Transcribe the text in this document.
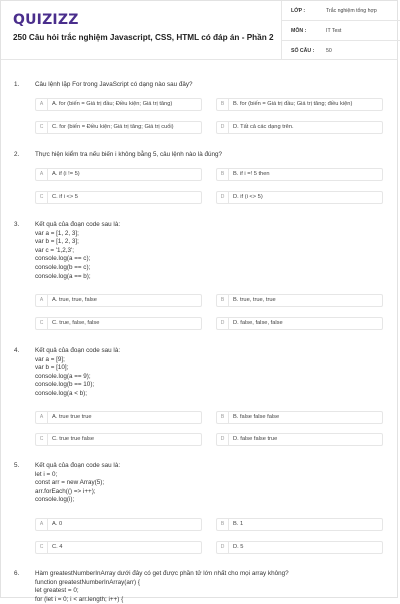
QUIZIZZ
250 Câu hỏi trắc nghiệm Javascript, CSS, HTML có đáp án - Phần 2
LỚP :	Trắc nghiệm tổng hợp
MÔN :	IT Test
SỐ CÂU : 50
1. Câu lệnh lặp For trong JavaScript có dạng nào sau đây?
A	A. for (biến = Giá trị đầu; Điều kiện; Giá trị tăng)	B	B. for (biến = Giá trị đầu; Giá trị tăng; điều kiện)
C	C. for (biến = Điều kiện; Giá trị tăng; Giá trị cuối)	D	D. Tất cả các dạng trên.
2. Thực hiện kiểm tra nếu biến i không bằng 5, câu lệnh nào là đúng?
A	A. if (i != 5)	B	B. if i =! 5 then
C	C. if i <> 5	D	D. if (i <> 5)
3. Kết quả của đoạn code sau là:
var a = [1, 2, 3];
var b = [1, 2, 3];
var c = '1,2,3';
console.log(a == c);
console.log(b == c);
console.log(a == b);
A	A. true, true, false	B	B. true, true, true
C	C. true, false, false	D	D. false, false, false
4. Kết quả của đoạn code sau là:
var a = [9];
var b = [10];
console.log(a == 9);
console.log(b == 10);
console.log(a < b);
A	A. true true true	B	B. false false false
C	C. true true false	D	D. false false true
5. Kết quả của đoạn code sau là:
let i = 0;
const arr = new Array(5);
arr.forEach(() => i++);
console.log(i);
A	A. 0	B	B. 1
C	C. 4	D	D. 5
6. Hàm greatestNumberInArray dưới đây có get được phần tử lớn nhất cho mọi array không?
function greatestNumberInArray(arr) {
let greatest = 0;
for (let i = 0; i < arr.length; i++) {
